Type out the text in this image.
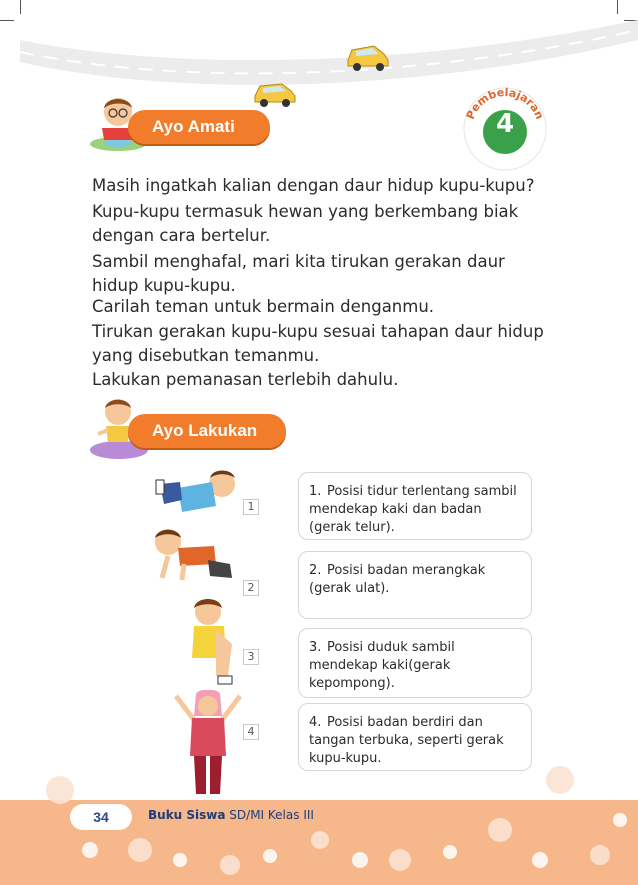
Pembelajaran
4
Ayo Amati

Masih ingatkah kalian dengan daur hidup kupu-kupu?

Kupu-kupu termasuk hewan yang berkembang biak dengan cara bertelur.

Sambil menghafal, mari kita tirukan gerakan daur hidup kupu-kupu.

Carilah teman untuk bermain denganmu.

Tirukan gerakan kupu-kupu sesuai tahapan daur hidup yang disebutkan temanmu.

Lakukan pemanasan terlebih dahulu.

Ayo Lakukan
1
2
3
4
1. Posisi tidur terlentang sambil mendekap kaki dan badan (gerak telur).
2. Posisi badan merangkak (gerak ulat).
3. Posisi duduk sambil mendekap kaki(gerak kepompong).
4. Posisi badan berdiri dan tangan terbuka, seperti gerak kupu-kupu.
34	Buku Siswa SD/MI Kelas III
